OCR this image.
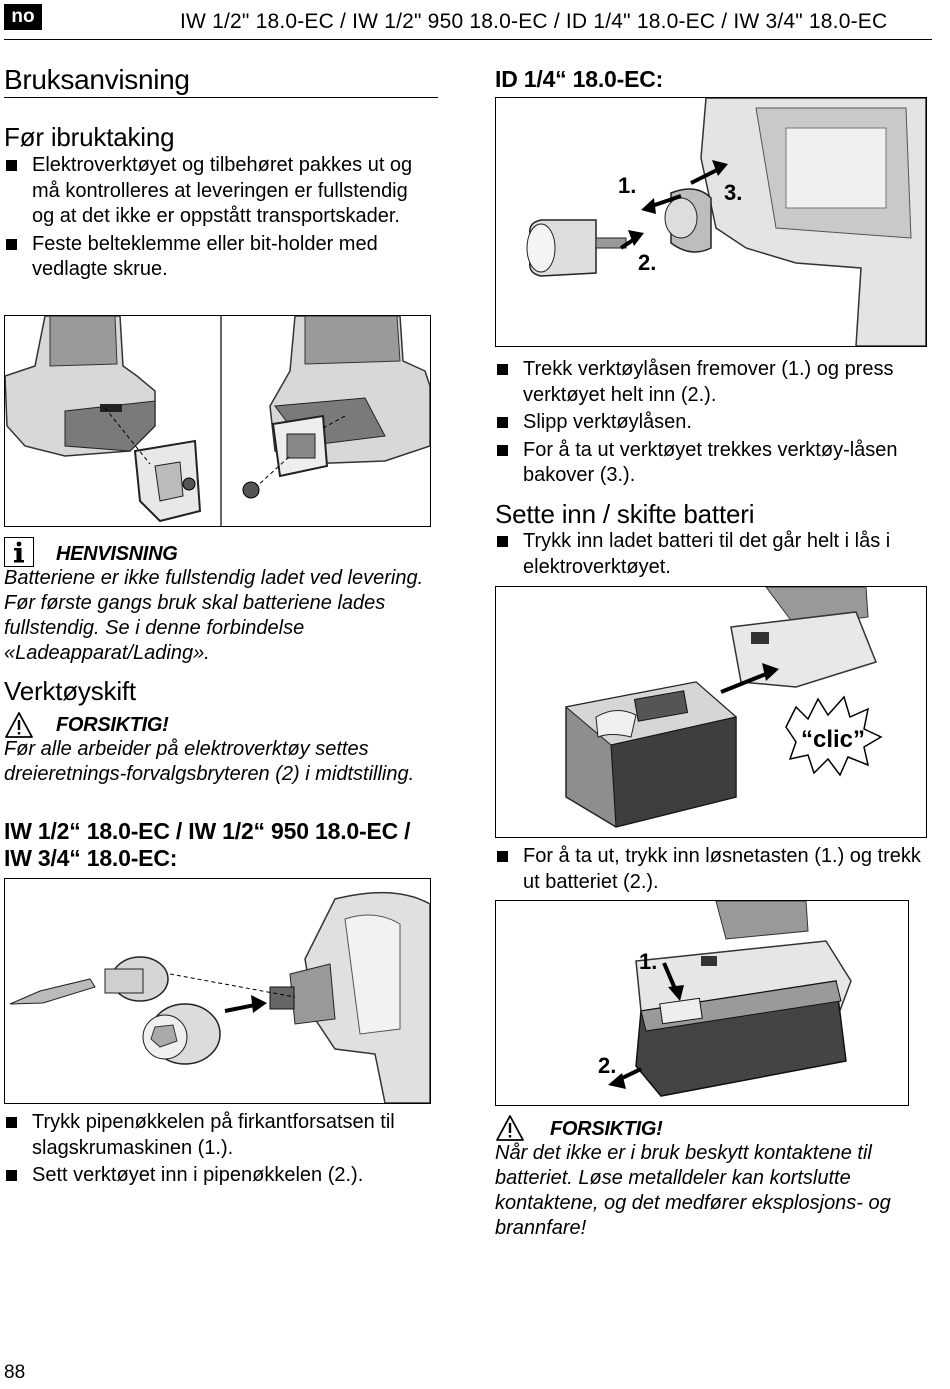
no	IW 1/2" 18.0-EC / IW 1/2" 950 18.0-EC / ID 1/4" 18.0-EC / IW 3/4" 18.0-EC
Bruksanvisning
Før ibruktaking
Elektroverktøyet og tilbehøret pakkes ut og må kontrolleres at leveringen er fullstendig og at det ikke er oppstått transportskader.
Feste belteklemme eller bit-holder med vedlagte skrue.
HENVISNING
Batteriene er ikke fullstendig ladet ved levering. Før første gangs bruk skal batteriene lades fullstendig. Se i denne forbindelse «Ladeapparat/Lading».
Verktøyskift
FORSIKTIG!
Før alle arbeider på elektroverktøy settes dreieretnings-forvalgsbryteren (2) i midtstilling.
IW 1/2“ 18.0-EC / IW 1/2“ 950 18.0-EC /
IW 3/4“ 18.0-EC:
Trykk pipenøkkelen på firkantforsatsen til slagskrumaskinen (1.).
Sett verktøyet inn i pipenøkkelen (2.).
ID 1/4“ 18.0-EC:
1.
2.
3.
Trekk verktøylåsen fremover (1.) og press verktøyet helt inn (2.).
Slipp verktøylåsen.
For å ta ut verktøyet trekkes verktøy-låsen bakover (3.).
Sette inn / skifte batteri
Trykk inn ladet batteri til det går helt i lås i elektroverktøyet.
“clic”
For å ta ut, trykk inn løsnetasten (1.) og trekk ut batteriet (2.).
1.
2.
FORSIKTIG!
Når det ikke er i bruk beskytt kontaktene til batteriet. Løse metalldeler kan kortslutte kontaktene, og det medfører eksplosjons- og brannfare!
88
